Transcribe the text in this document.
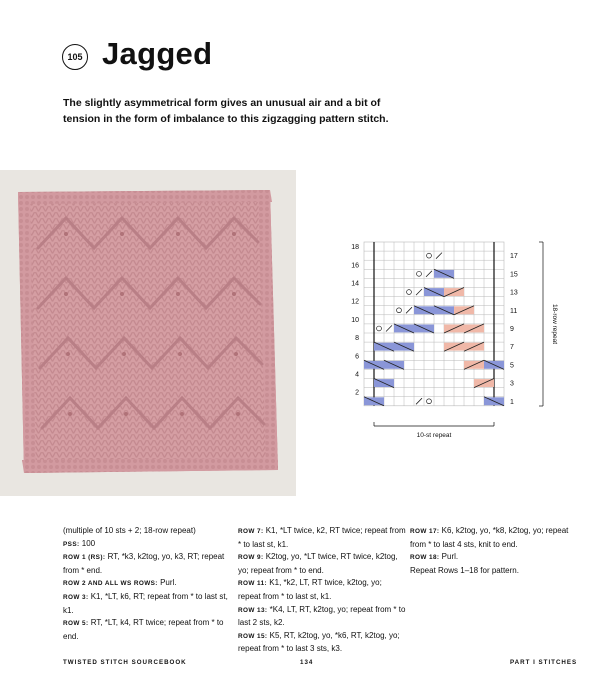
105 Jagged
The slightly asymmetrical form gives an unusual air and a bit of tension in the form of imbalance to this zigzagging pattern stitch.
18
16
14
12
10
8
6
4
2
17
15
13
11
9
7
5
3
1
10-st repeat
18-row repeat

(multiple of 10 sts + 2; 18-row repeat)

PSS: 100

ROW 1 (RS): RT, *k3, k2tog, yo, k3, RT; repeat from * end.

ROW 2 AND ALL WS ROWS: Purl.

ROW 3: K1, *LT, k6, RT; repeat from * to last st, k1.

ROW 5: RT, *LT, k4, RT twice; repeat from * to end.

ROW 7: K1, *LT twice, k2, RT twice; repeat from * to last st, k1.

ROW 9: K2tog, yo, *LT twice, RT twice, k2tog, yo; repeat from * to end.

ROW 11: K1, *k2, LT, RT twice, k2tog, yo; repeat from * to last st, k1.

ROW 13: *K4, LT, RT, k2tog, yo; repeat from * to last 2 sts, k2.

ROW 15: K5, RT, k2tog, yo, *k6, RT, k2tog, yo; repeat from * to last 3 sts, k3.

ROW 17: K6, k2tog, yo, *k8, k2tog, yo; repeat from * to last 4 sts, knit to end.

ROW 18: Purl.

Repeat Rows 1–18 for pattern.

TWISTED STITCH SOURCEBOOK	134	PART I STITCHES
